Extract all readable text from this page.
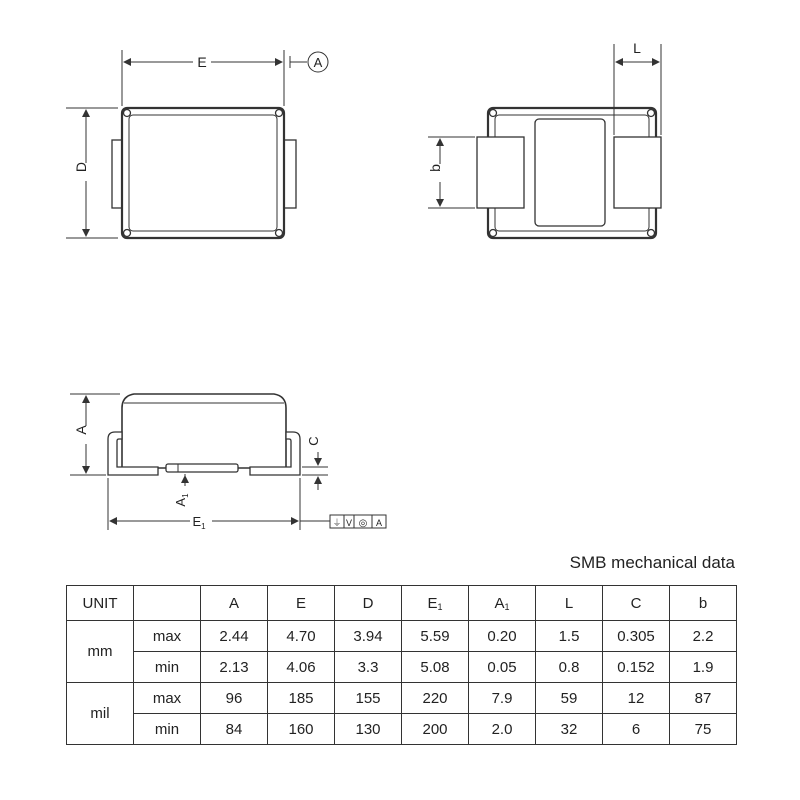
E	A
D	b
L
A
C
$A_1$
$E_1$	⏚ V ◎ A
SMB mechanical data
UNIT		A	E	D	$E_1$	$A_1$	L	C	b
mm	max	2.44	4.70	3.94	5.59	0.20	1.5	0.305	2.2
	min	2.13	4.06	3.3	5.08	0.05	0.8	0.152	1.9
mil	max	96	185	155	220	7.9	59	12	87
	min	84	160	130	200	2.0	32	6	75
